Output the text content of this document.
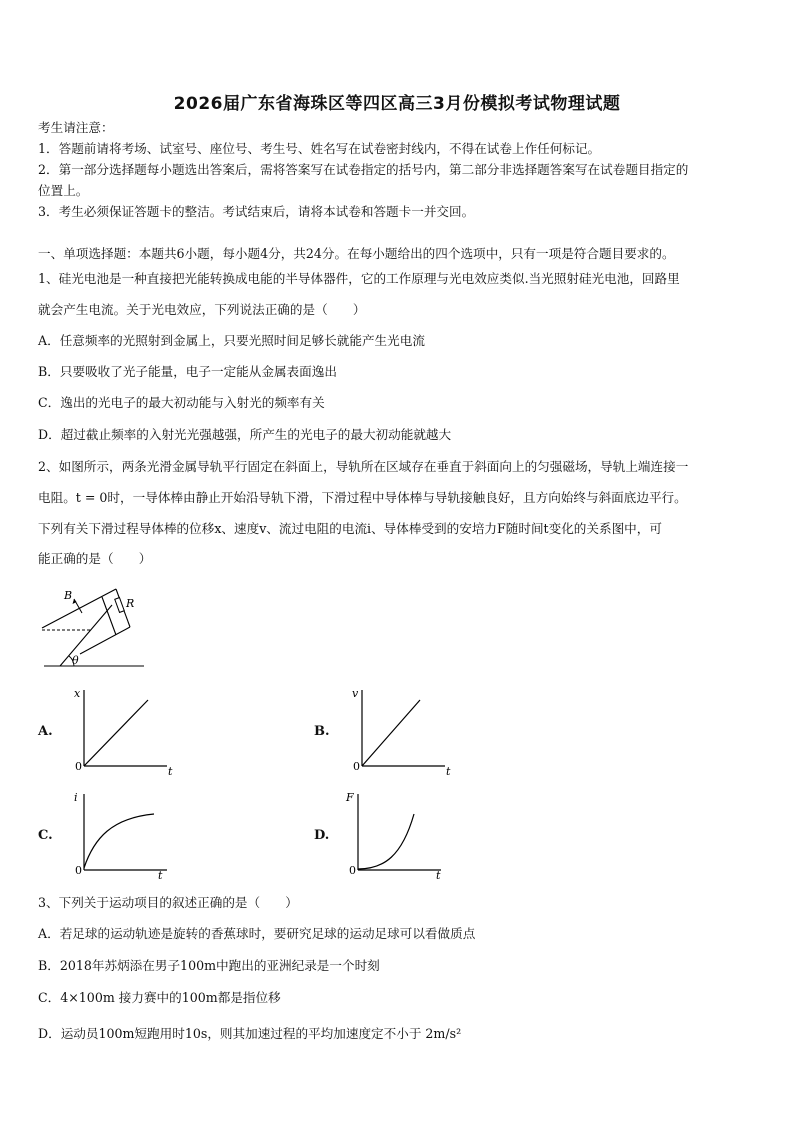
2026届广东省海珠区等四区高三3月份模拟考试物理试题
考生请注意：
1．答题前请将考场、试室号、座位号、考生号、姓名写在试卷密封线内，不得在试卷上作任何标记。
2．第一部分选择题每小题选出答案后，需将答案写在试卷指定的括号内，第二部分非选择题答案写在试卷题目指定的
位置上。
3．考生必须保证答题卡的整洁。考试结束后，请将本试卷和答题卡一并交回。
一、单项选择题：本题共6小题，每小题4分，共24分。在每小题给出的四个选项中，只有一项是符合题目要求的。
1、硅光电池是一种直接把光能转换成电能的半导体器件，它的工作原理与光电效应类似.当光照射硅光电池，回路里
就会产生电流。关于光电效应，下列说法正确的是（　　）
A．任意频率的光照射到金属上，只要光照时间足够长就能产生光电流
B．只要吸收了光子能量，电子一定能从金属表面逸出
C．逸出的光电子的最大初动能与入射光的频率有关
D．超过截止频率的入射光光强越强，所产生的光电子的最大初动能就越大
2、如图所示，两条光滑金属导轨平行固定在斜面上，导轨所在区域存在垂直于斜面向上的匀强磁场，导轨上端连接一
电阻。t = 0时，一导体棒由静止开始沿导轨下滑，下滑过程中导体棒与导轨接触良好，且方向始终与斜面底边平行。
下列有关下滑过程导体棒的位移x、速度v、流过电阻的电流i、导体棒受到的安培力F随时间t变化的关系图中，可
能正确的是（　　）
θ
B
R
A.
x
t
0
B.
v
t
0
C.
i
t
0
D.
F
t
0
3、下列关于运动项目的叙述正确的是（　　）
A．若足球的运动轨迹是旋转的香蕉球时，要研究足球的运动足球可以看做质点
B．2018年苏炳添在男子100m中跑出的亚洲纪录是一个时刻
C．4×100m 接力赛中的100m都是指位移
D．运动员100m短跑用时10s，则其加速过程的平均加速度定不小于 2m/s²
